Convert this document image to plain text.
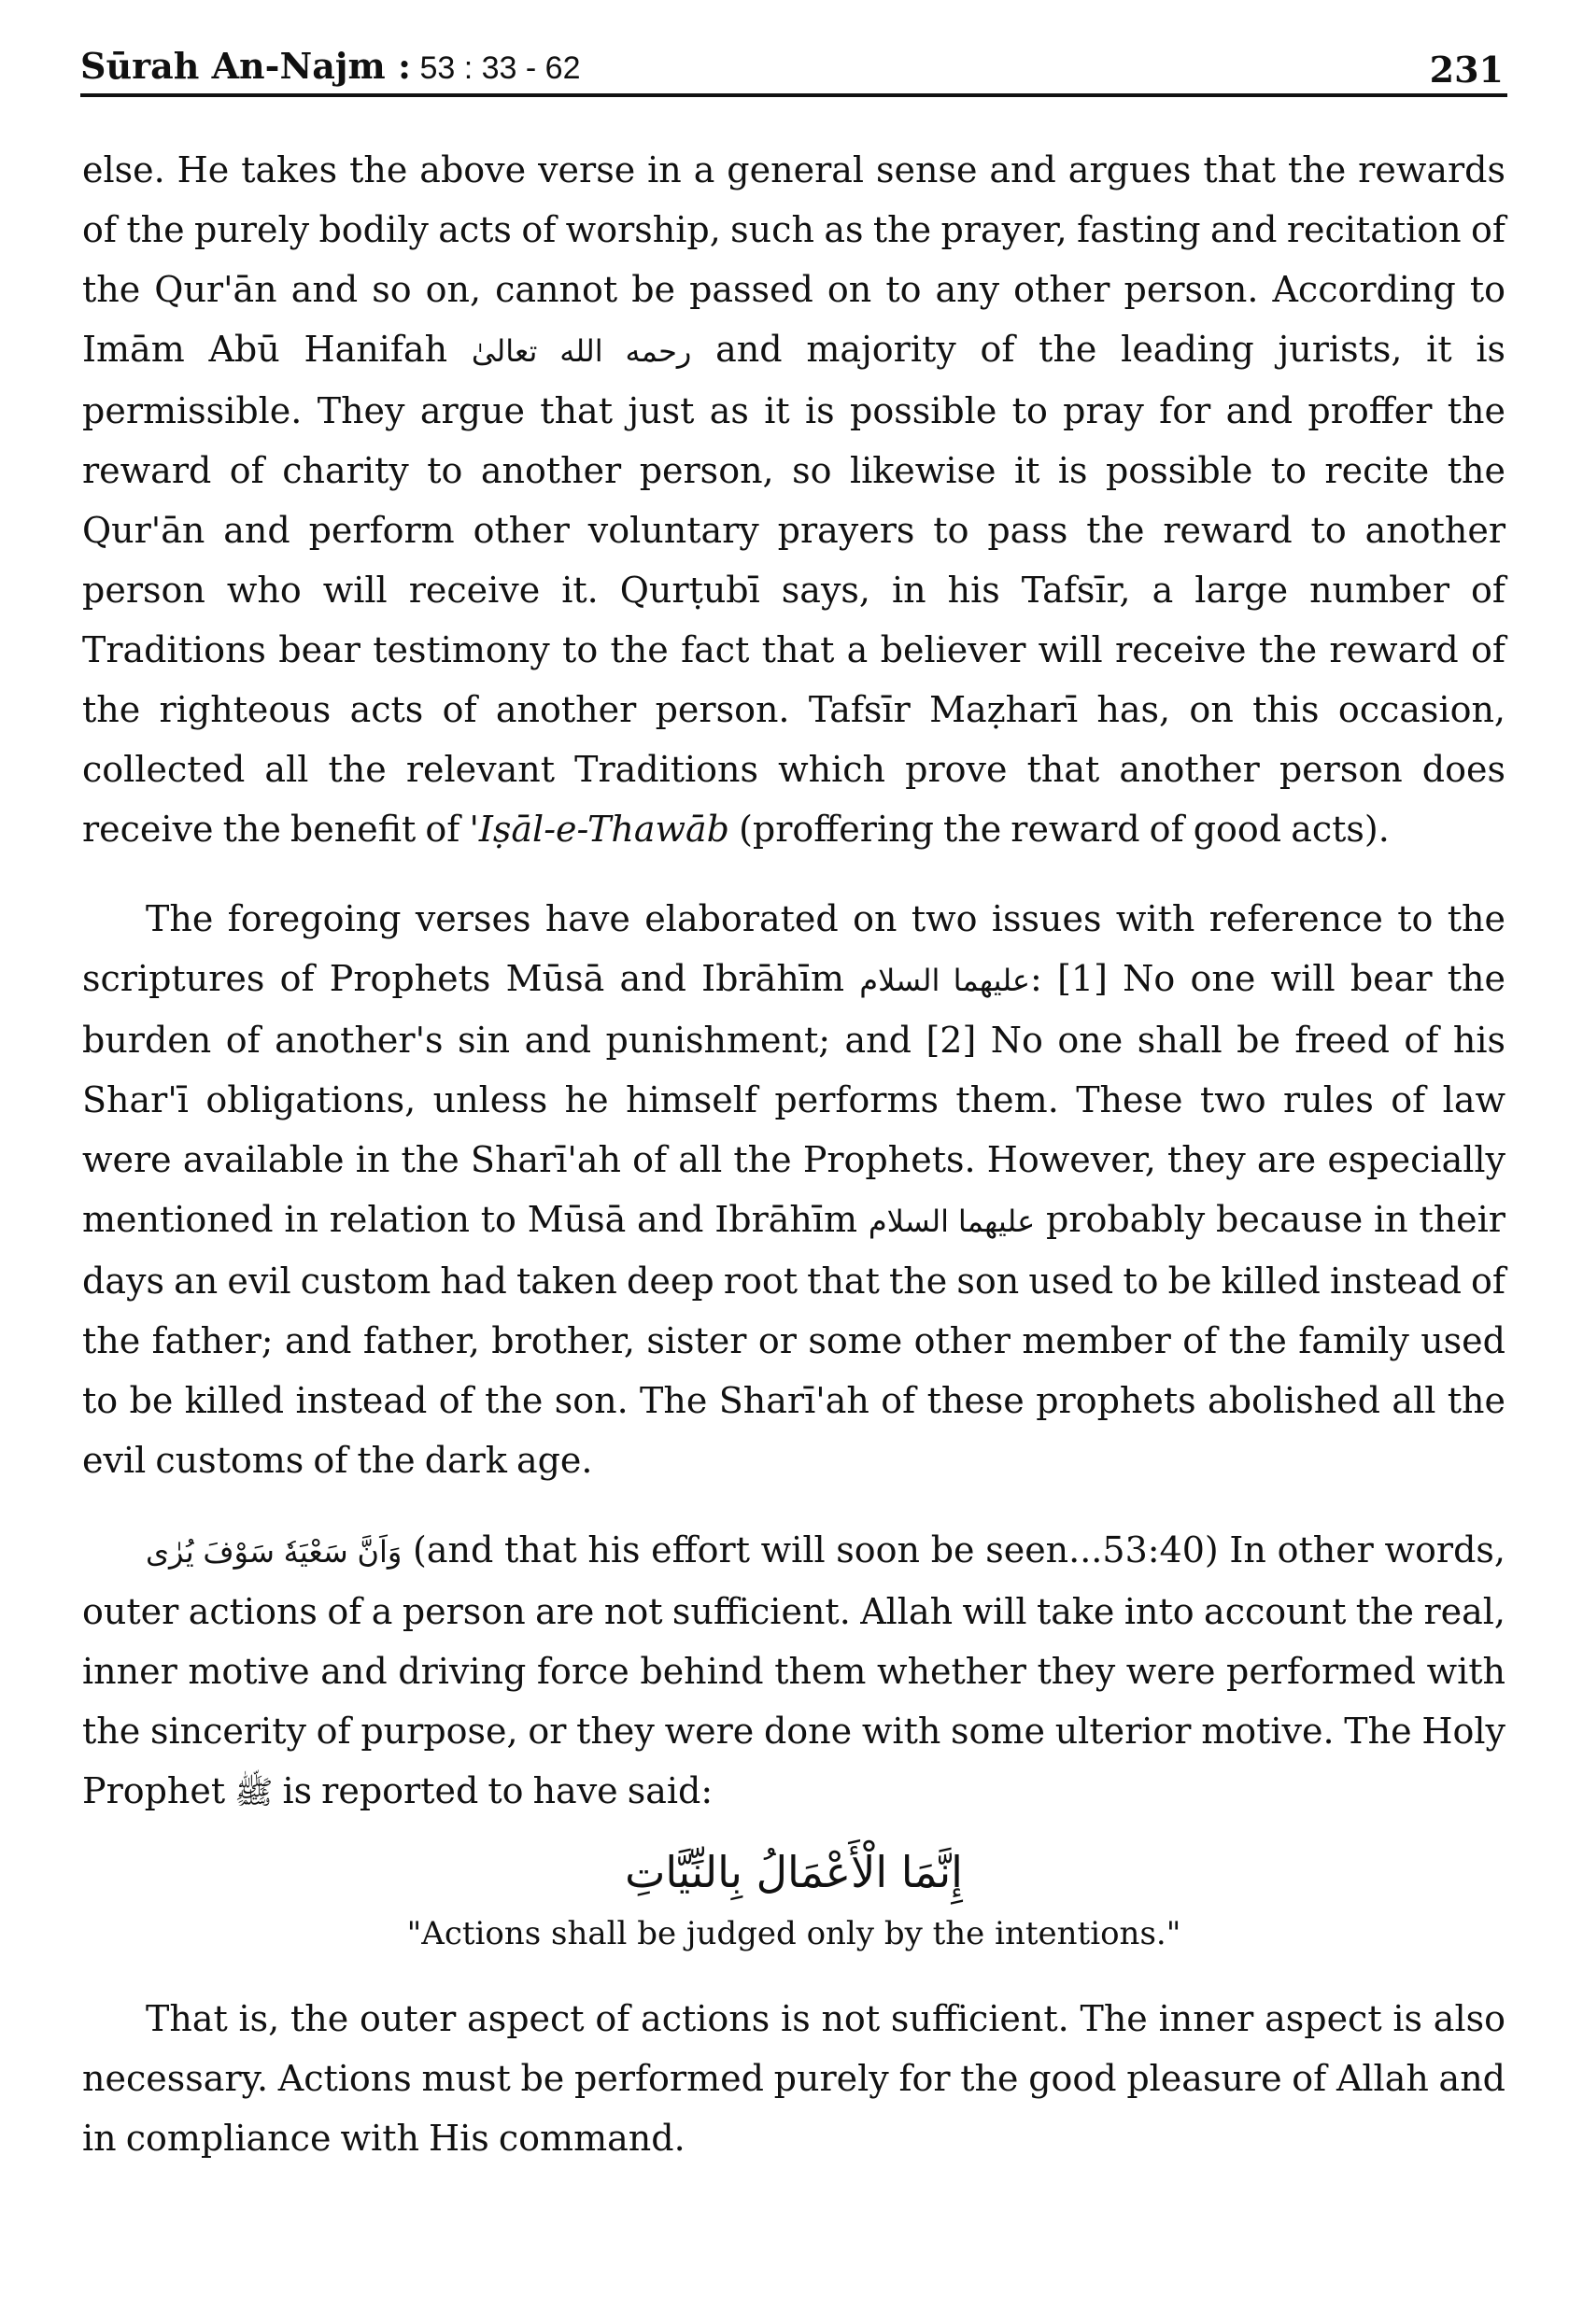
Sūrah An-Najm : 53 : 33 - 62	231

else. He takes the above verse in a general sense and argues that the rewards of the purely bodily acts of worship, such as the prayer, fasting and recitation of the Qur'ān and so on, cannot be passed on to any other person. According to Imām Abū Hanifah رحمه الله تعالیٰ and majority of the leading jurists, it is permissible. They argue that just as it is possible to pray for and proffer the reward of charity to another person, so likewise it is possible to recite the Qur'ān and perform other voluntary prayers to pass the reward to another person who will receive it. Qurṭubī says, in his Tafsīr, a large number of Traditions bear testimony to the fact that a believer will receive the reward of the righteous acts of another person. Tafsīr Maẓharī has, on this occasion, collected all the relevant Traditions which prove that another person does receive the benefit of 'Iṣāl-e-Thawāb (proffering the reward of good acts).

The foregoing verses have elaborated on two issues with reference to the scriptures of Prophets Mūsā and Ibrāhīm علیهما السلام: [1] No one will bear the burden of another's sin and punishment; and [2] No one shall be freed of his Shar'ī obligations, unless he himself performs them. These two rules of law were available in the Sharī'ah of all the Prophets. However, they are especially mentioned in relation to Mūsā and Ibrāhīm علیهما السلام probably because in their days an evil custom had taken deep root that the son used to be killed instead of the father; and father, brother, sister or some other member of the family used to be killed instead of the son. The Sharī'ah of these prophets abolished all the evil customs of the dark age.

وَاَنَّ سَعْيَهٗ سَوْفَ يُرٰى (and that his effort will soon be seen...53:40) In other words, outer actions of a person are not sufficient. Allah will take into account the real, inner motive and driving force behind them whether they were performed with the sincerity of purpose, or they were done with some ulterior motive. The Holy Prophet ﷺ is reported to have said:

إِنَّمَا الْأَعْمَالُ بِالنِّيَّاتِ

"Actions shall be judged only by the intentions."

That is, the outer aspect of actions is not sufficient. The inner aspect is also necessary. Actions must be performed purely for the good pleasure of Allah and in compliance with His command.
